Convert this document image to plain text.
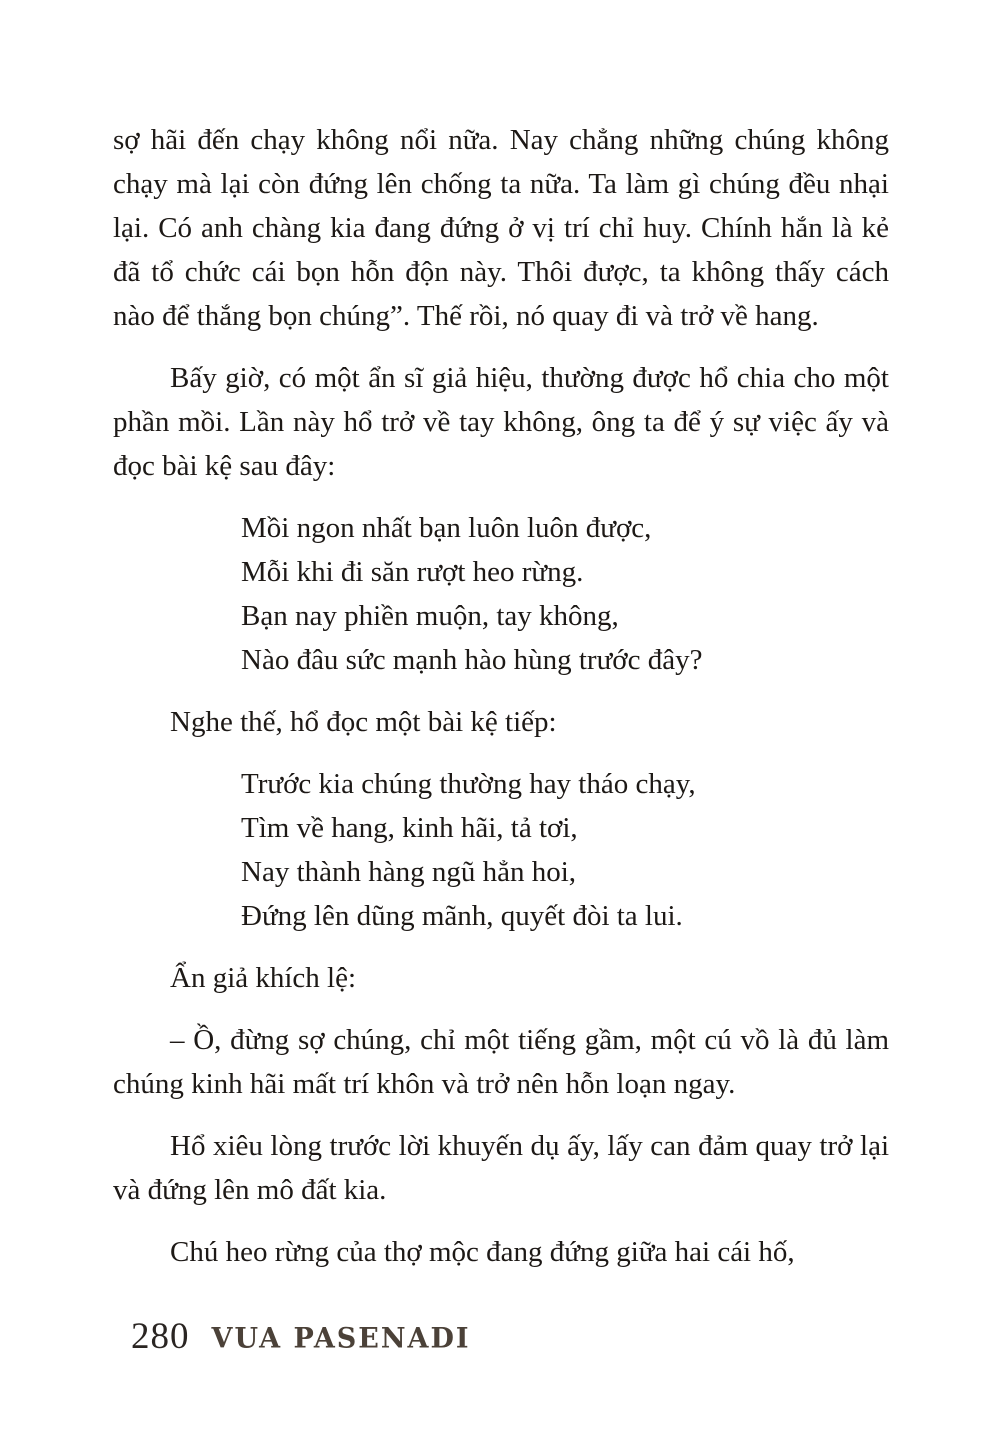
sợ hãi đến chạy không nổi nữa. Nay chẳng những chúng không chạy mà lại còn đứng lên chống ta nữa. Ta làm gì chúng đều nhại lại. Có anh chàng kia đang đứng ở vị trí chỉ huy. Chính hắn là kẻ đã tổ chức cái bọn hỗn độn này. Thôi được, ta không thấy cách nào để thắng bọn chúng”. Thế rồi, nó quay đi và trở về hang.

Bấy giờ, có một ẩn sĩ giả hiệu, thường được hổ chia cho một phần mồi. Lần này hổ trở về tay không, ông ta để ý sự việc ấy và đọc bài kệ sau đây:

Mồi ngon nhất bạn luôn luôn được,
Mỗi khi đi săn rượt heo rừng.
Bạn nay phiền muộn, tay không,
Nào đâu sức mạnh hào hùng trước đây?

Nghe thế, hổ đọc một bài kệ tiếp:

Trước kia chúng thường hay tháo chạy,
Tìm về hang, kinh hãi, tả tơi,
Nay thành hàng ngũ hẳn hoi,
Đứng lên dũng mãnh, quyết đòi ta lui.

Ẩn giả khích lệ:

– Ồ, đừng sợ chúng, chỉ một tiếng gầm, một cú vồ là đủ làm chúng kinh hãi mất trí khôn và trở nên hỗn loạn ngay.

Hổ xiêu lòng trước lời khuyến dụ ấy, lấy can đảm quay trở lại và đứng lên mô đất kia.

Chú heo rừng của thợ mộc đang đứng giữa hai cái hố,

280 VUA PASENADI
